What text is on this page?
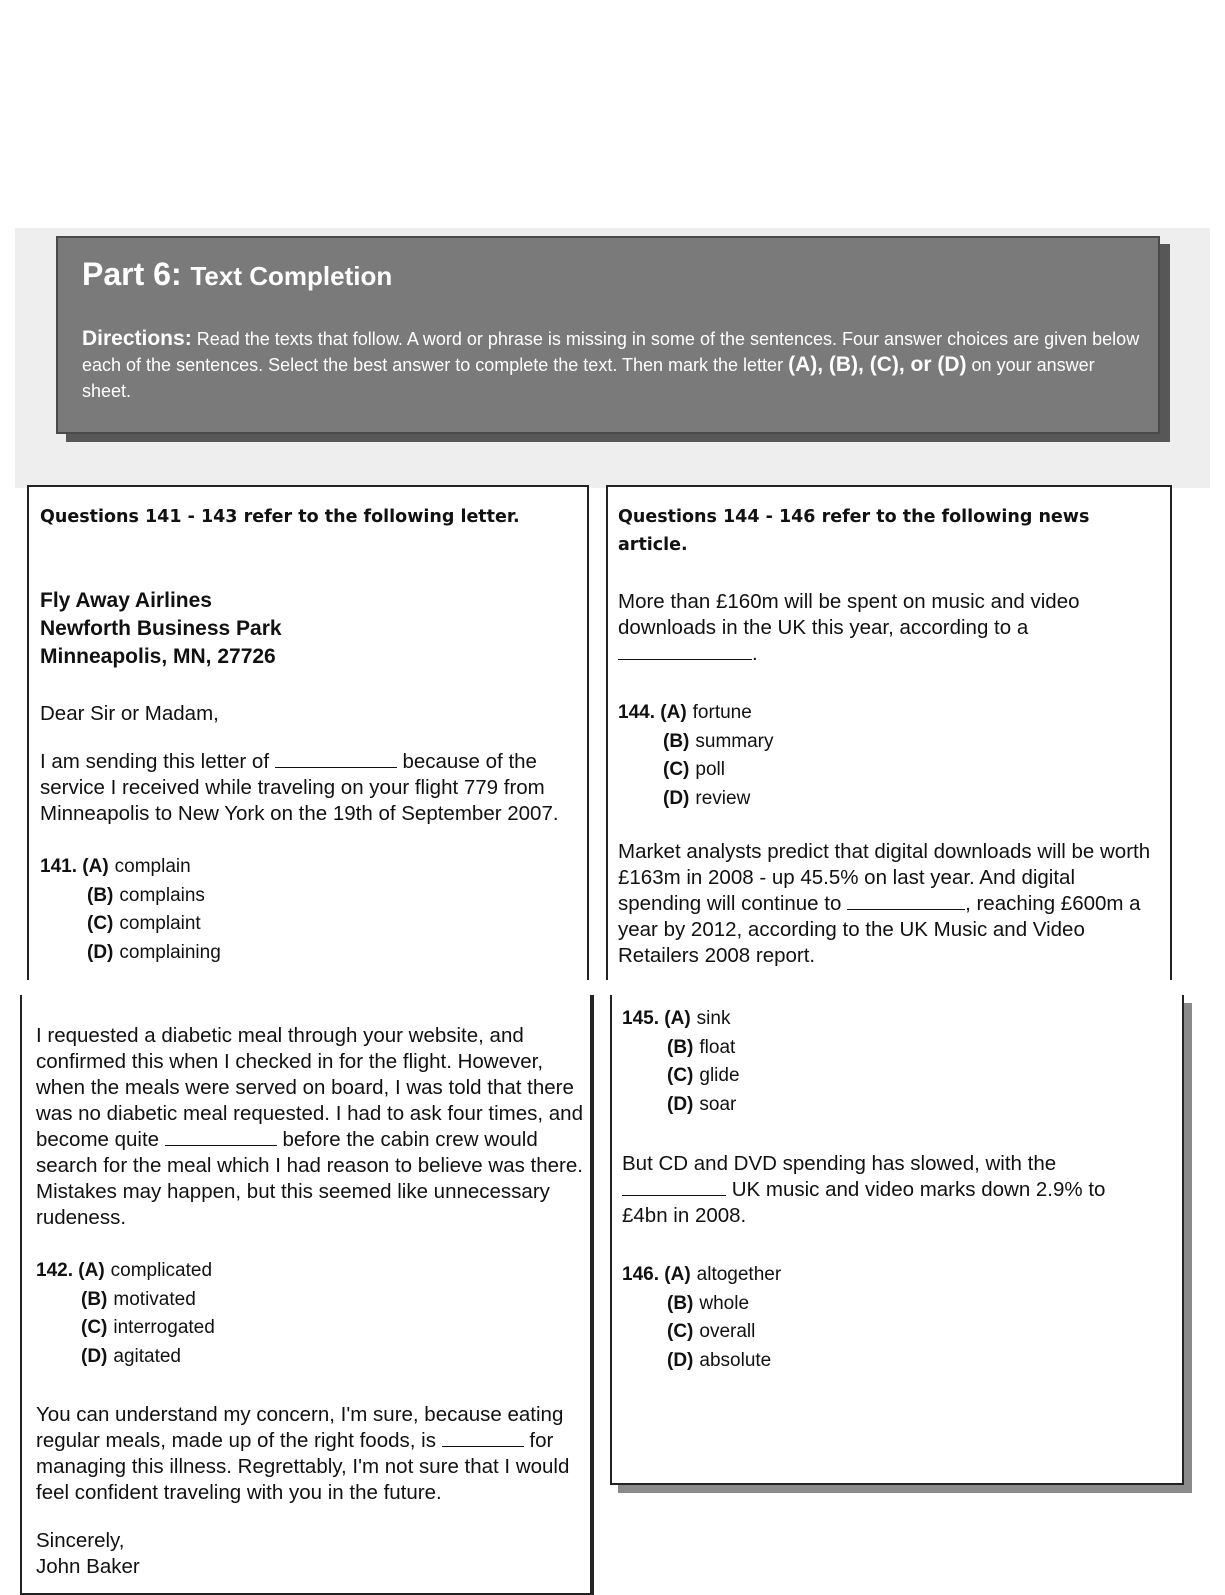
Part 6: Text Completion

Directions: Read the texts that follow. A word or phrase is missing in some of the sentences. Four answer choices are given below each of the sentences. Select the best answer to complete the text. Then mark the letter (A), (B), (C), or (D) on your answer sheet.
Questions 141 - 143 refer to the following letter.
Fly Away Airlines
Newforth Business Park
Minneapolis, MN, 27726
Dear Sir or Madam,
I am sending this letter of	because of the service I received while traveling on your flight 779 from Minneapolis to New York on the 19th of September 2007.
141. (A) complain
(B) complains
(C) complaint
(D) complaining
Questions 144 - 146 refer to the following news article.
More than £160m will be spent on music and video downloads in the UK this year, according to a .
144. (A) fortune
(B) summary
(C) poll
(D) review
Market analysts predict that digital downloads will be worth £163m in 2008 - up 45.5% on last year. And digital spending will continue to	, reaching £600m a year by 2012, according to the UK Music and Video Retailers 2008 report.
I requested a diabetic meal through your website, and confirmed this when I checked in for the flight. However, when the meals were served on board, I was told that there was no diabetic meal requested. I had to ask four times, and become quite	before the cabin crew would search for the meal which I had reason to believe was there. Mistakes may happen, but this seemed like unnecessary rudeness.
142. (A) complicated
(B) motivated
(C) interrogated
(D) agitated
You can understand my concern, I'm sure, because eating regular meals, made up of the right foods, is	for managing this illness. Regrettably, I'm not sure that I would feel confident traveling with you in the future.
Sincerely,
John Baker
145. (A) sink
(B) float
(C) glide
(D) soar
But CD and DVD spending has slowed, with the  UK music and video marks down 2.9% to £4bn in 2008.
146. (A) altogether
(B) whole
(C) overall
(D) absolute
